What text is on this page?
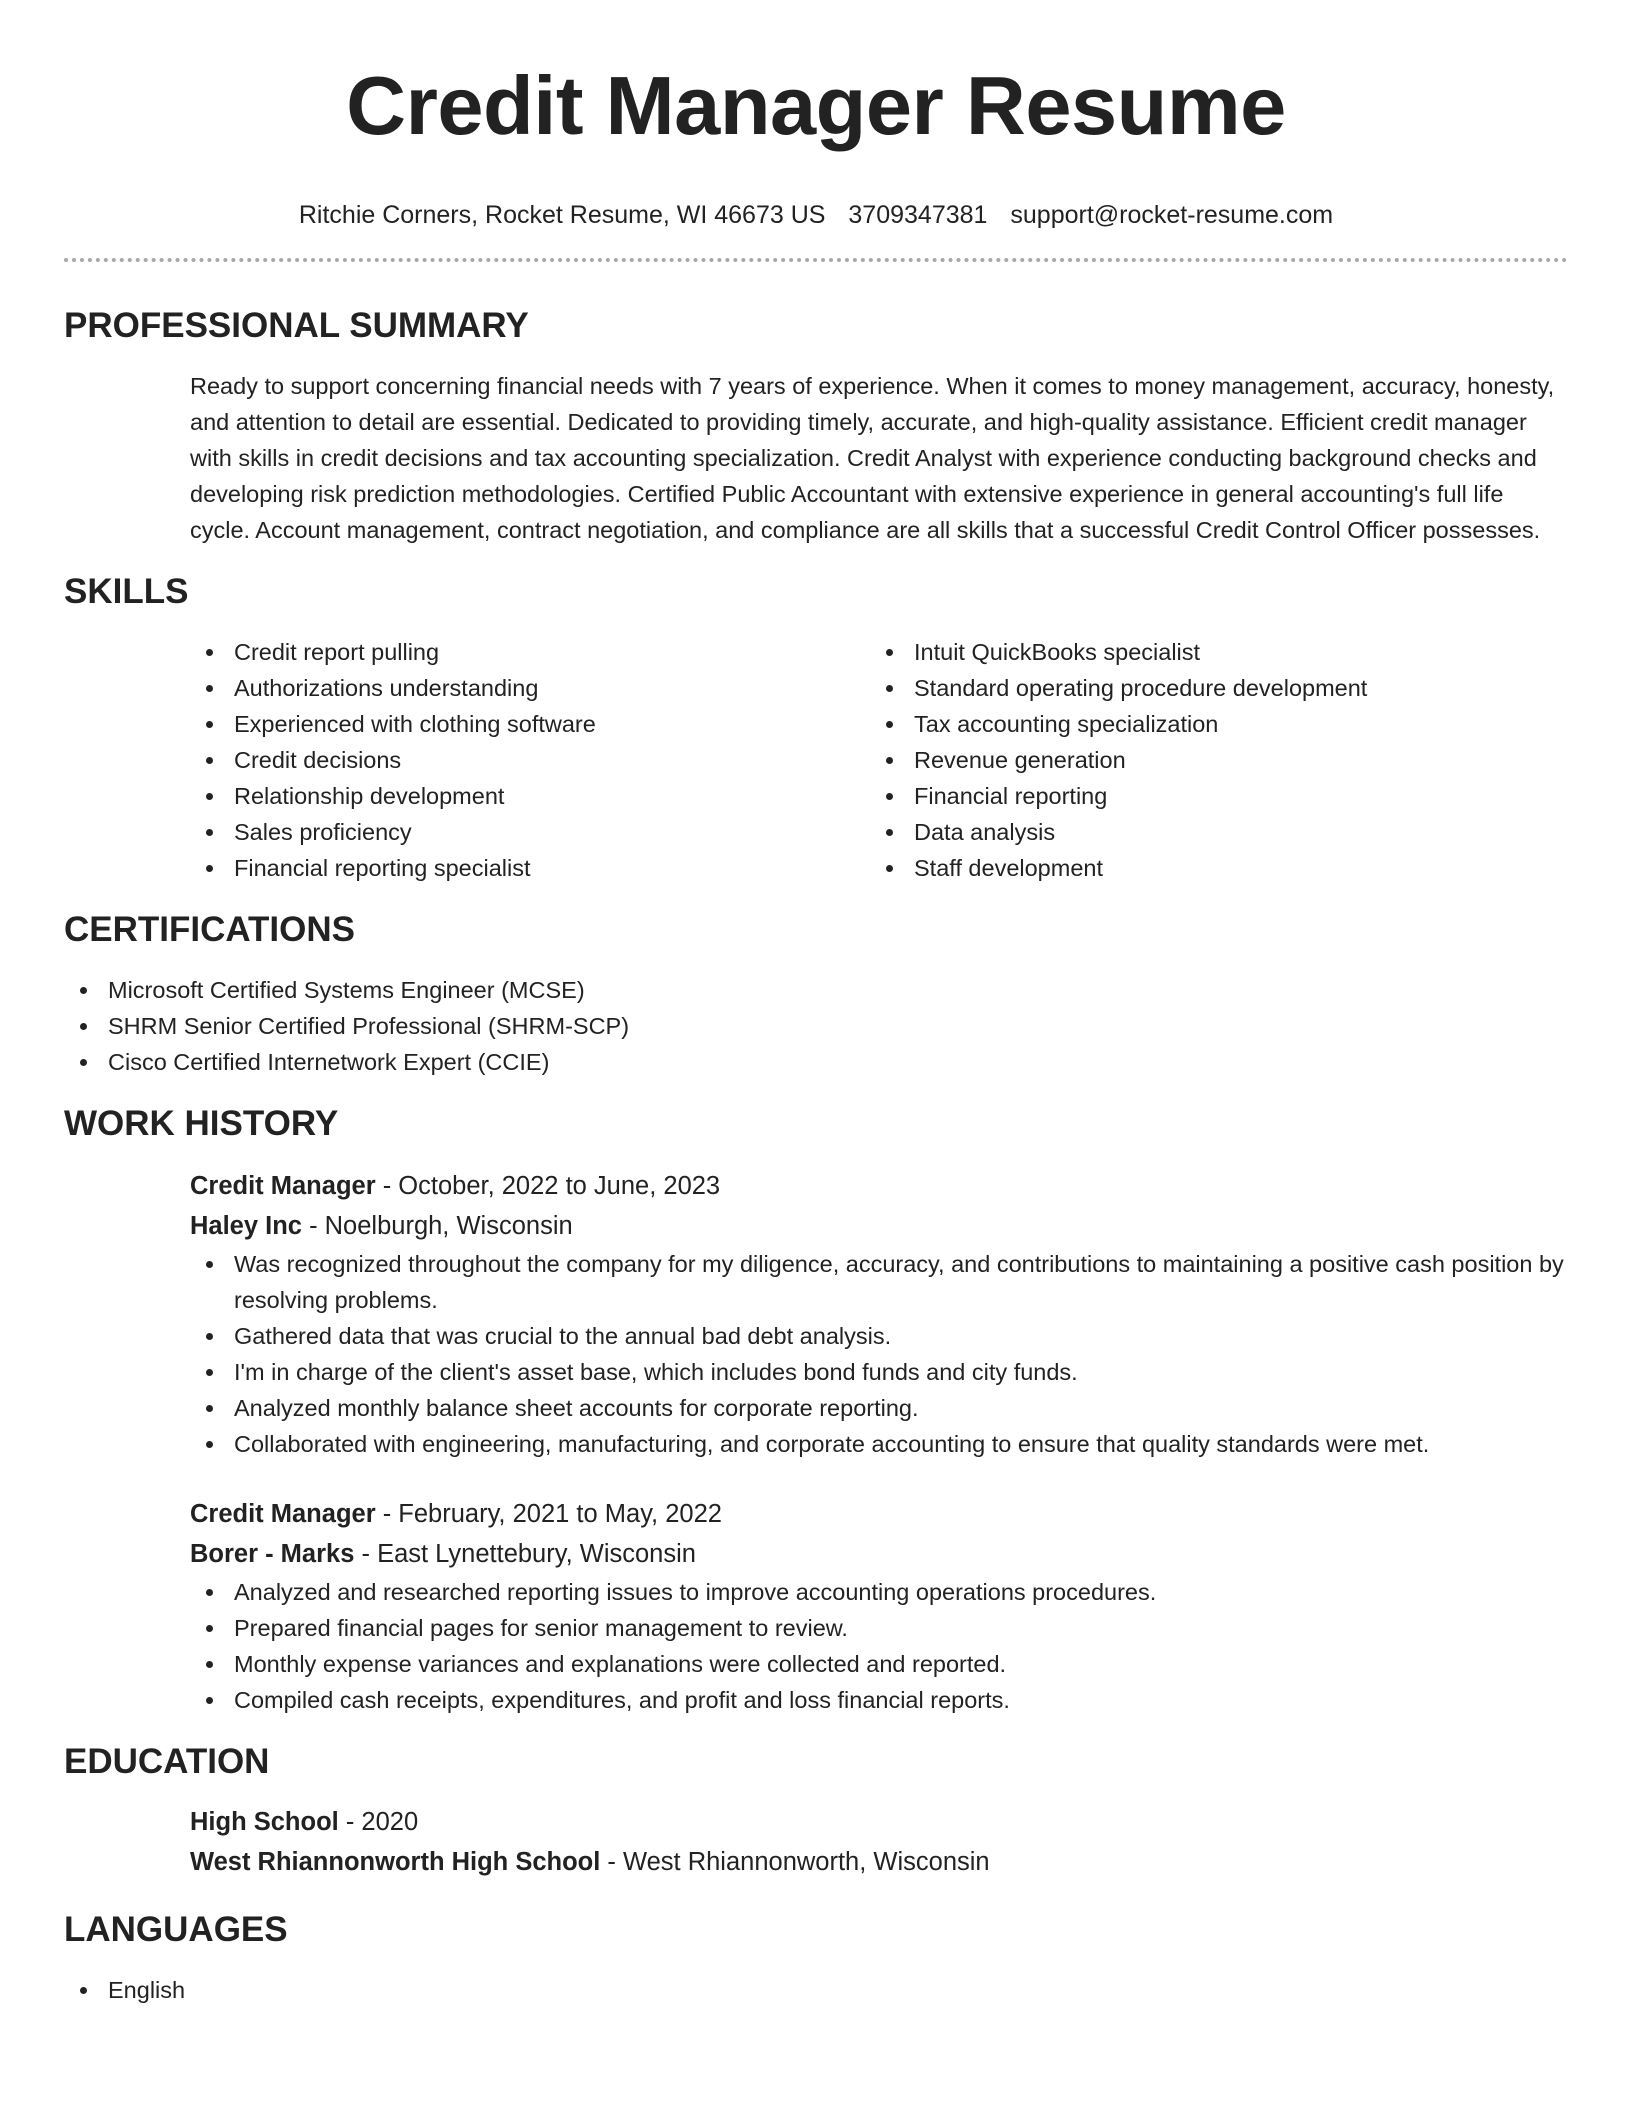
Credit Manager Resume
Ritchie Corners, Rocket Resume, WI 46673 US 3709347381 support@rocket-resume.com
PROFESSIONAL SUMMARY

Ready to support concerning financial needs with 7 years of experience. When it comes to money management, accuracy, honesty, and attention to detail are essential. Dedicated to providing timely, accurate, and high-quality assistance. Efficient credit manager with skills in credit decisions and tax accounting specialization. Credit Analyst with experience conducting background checks and developing risk prediction methodologies. Certified Public Accountant with extensive experience in general accounting's full life cycle. Account management, contract negotiation, and compliance are all skills that a successful Credit Control Officer possesses.

SKILLS
Credit report pulling
Authorizations understanding
Experienced with clothing software
Credit decisions
Relationship development
Sales proficiency
Financial reporting specialist
Intuit QuickBooks specialist
Standard operating procedure development
Tax accounting specialization
Revenue generation
Financial reporting
Data analysis
Staff development
CERTIFICATIONS
Microsoft Certified Systems Engineer (MCSE)
SHRM Senior Certified Professional (SHRM-SCP)
Cisco Certified Internetwork Expert (CCIE)
WORK HISTORY
Credit Manager - October, 2022 to June, 2023
Haley Inc - Noelburgh, Wisconsin
Was recognized throughout the company for my diligence, accuracy, and contributions to maintaining a positive cash position by resolving problems.
Gathered data that was crucial to the annual bad debt analysis.
I'm in charge of the client's asset base, which includes bond funds and city funds.
Analyzed monthly balance sheet accounts for corporate reporting.
Collaborated with engineering, manufacturing, and corporate accounting to ensure that quality standards were met.
Credit Manager - February, 2021 to May, 2022
Borer - Marks - East Lynettebury, Wisconsin
Analyzed and researched reporting issues to improve accounting operations procedures.
Prepared financial pages for senior management to review.
Monthly expense variances and explanations were collected and reported.
Compiled cash receipts, expenditures, and profit and loss financial reports.
EDUCATION
High School - 2020
West Rhiannonworth High School - West Rhiannonworth, Wisconsin
LANGUAGES
English
